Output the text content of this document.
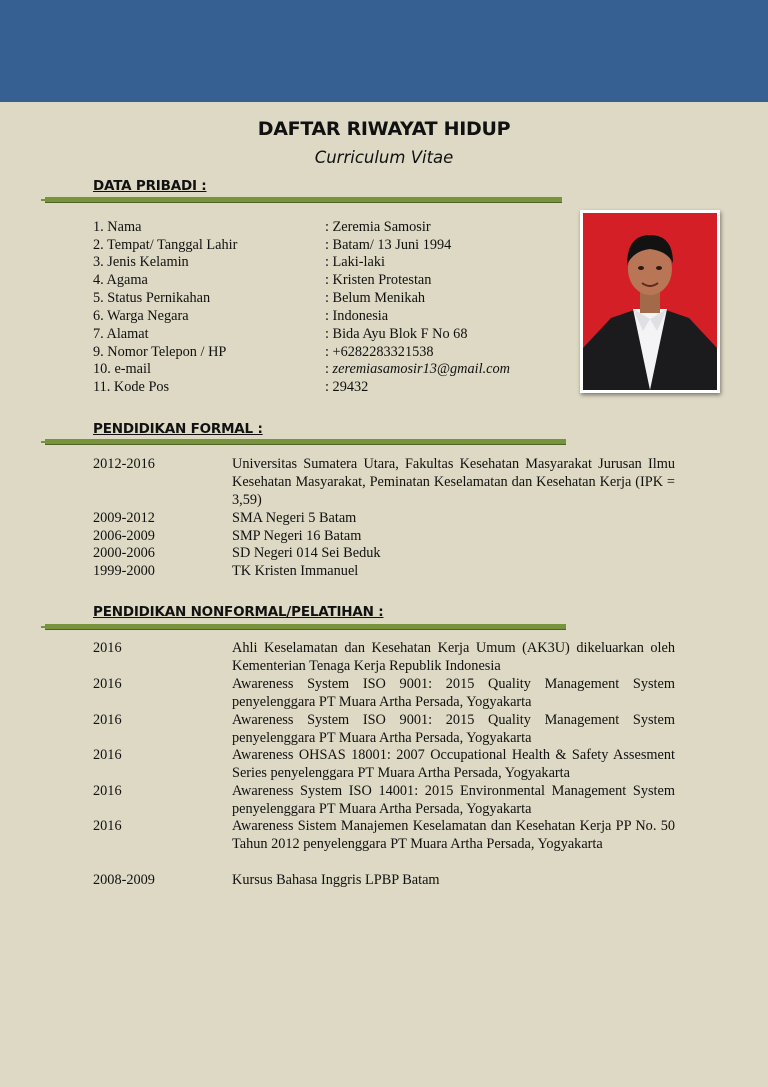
DAFTAR RIWAYAT HIDUP
Curriculum Vitae
DATA PRIBADI :
1. Nama	: Zeremia Samosir
2. Tempat/ Tanggal Lahir	: Batam/ 13 Juni 1994
3. Jenis Kelamin	: Laki-laki
4. Agama	: Kristen Protestan
5. Status Pernikahan	: Belum Menikah
6. Warga Negara	: Indonesia
7. Alamat	: Bida Ayu Blok F No 68
9. Nomor Telepon / HP	: +6282283321538
10. e-mail	: zeremiasamosir13@gmail.com
11. Kode Pos	: 29432
PENDIDIKAN FORMAL :
2012-2016	Universitas Sumatera Utara, Fakultas Kesehatan Masyarakat Jurusan Ilmu Kesehatan Masyarakat, Peminatan Keselamatan dan Kesehatan Kerja (IPK = 3,59)
2009-2012	SMA Negeri 5 Batam
2006-2009	SMP Negeri 16 Batam
2000-2006	SD Negeri 014 Sei Beduk
1999-2000	TK Kristen Immanuel
PENDIDIKAN NONFORMAL/PELATIHAN :
2016	Ahli Keselamatan dan Kesehatan Kerja Umum (AK3U) dikeluarkan oleh Kementerian Tenaga Kerja Republik Indonesia
2016	Awareness System ISO 9001: 2015 Quality Management System penyelenggara PT Muara Artha Persada, Yogyakarta
2016	Awareness System ISO 9001: 2015 Quality Management System penyelenggara PT Muara Artha Persada, Yogyakarta
2016	Awareness OHSAS 18001: 2007 Occupational Health & Safety Assesment Series penyelenggara PT Muara Artha Persada, Yogyakarta
2016	Awareness System ISO 14001: 2015 Environmental Management System penyelenggara PT Muara Artha Persada, Yogyakarta
2016	Awareness Sistem Manajemen Keselamatan dan Kesehatan Kerja PP No. 50 Tahun 2012 penyelenggara PT Muara Artha Persada, Yogyakarta
2008-2009	Kursus Bahasa Inggris LPBP Batam
